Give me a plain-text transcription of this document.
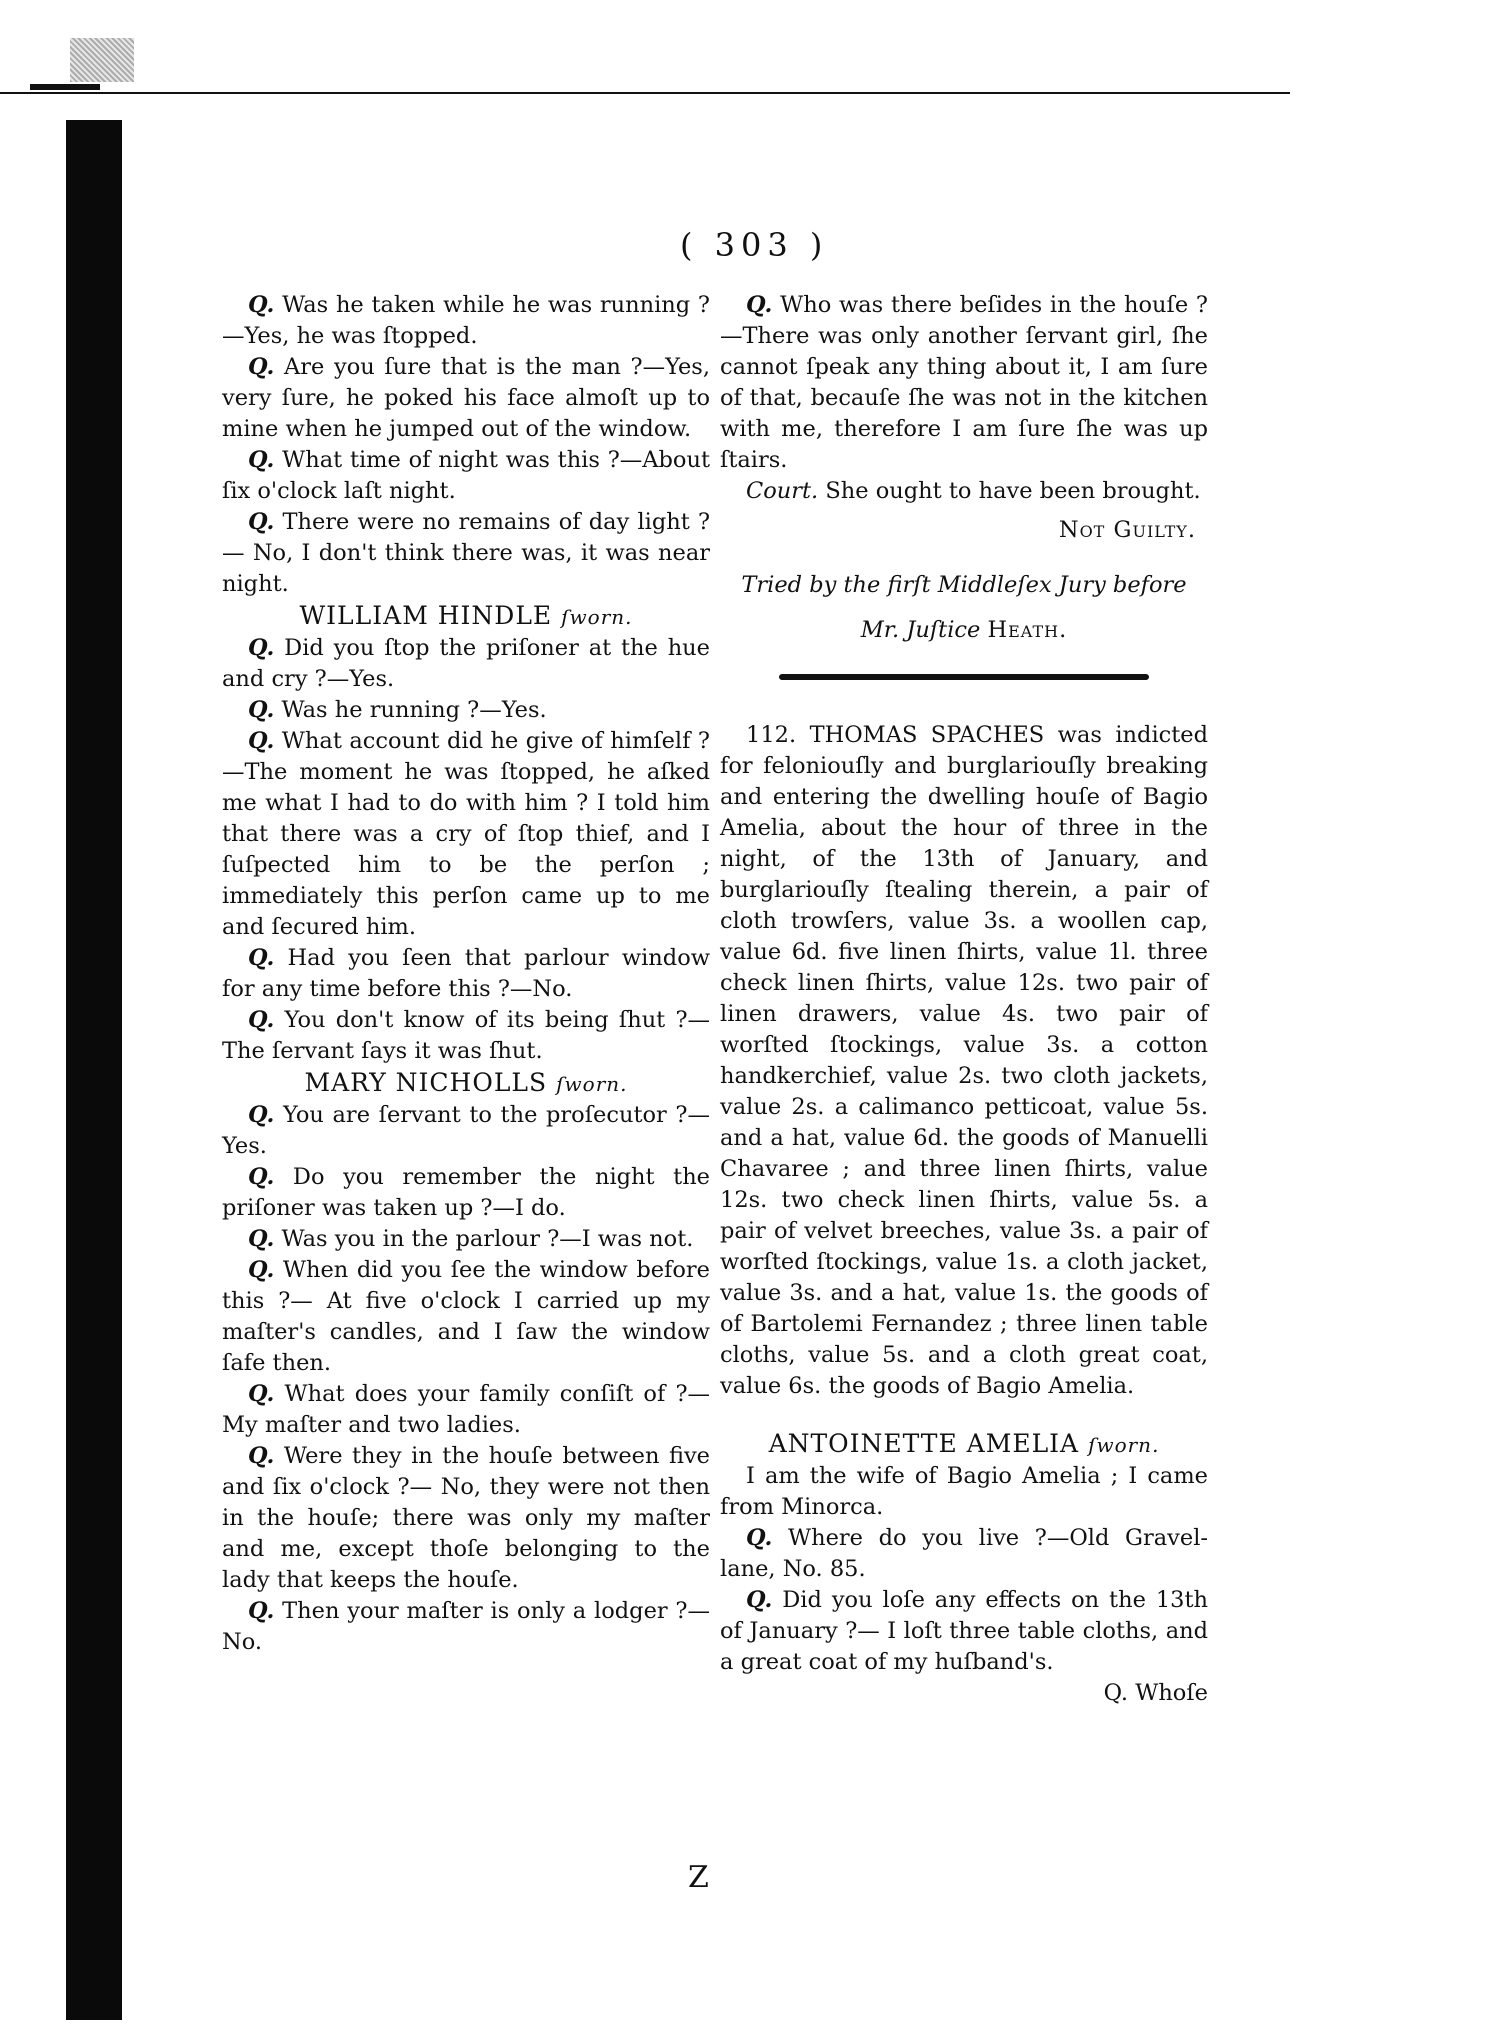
( 303 )

Q. Was he taken while he was running ?—Yes, he was ſtopped.

Q. Are you ſure that is the man ?—Yes, very ſure, he poked his face almoſt up to mine when he jumped out of the window.

Q. What time of night was this ?—About ſix o'clock laſt night.

Q. There were no remains of day light ?— No, I don't think there was, it was near night.

WILLIAM HINDLE ſworn.

Q. Did you ſtop the priſoner at the hue and cry ?—Yes.

Q. Was he running ?—Yes.

Q. What account did he give of himſelf ?—The moment he was ſtopped, he aſked me what I had to do with him ? I told him that there was a cry of ſtop thief, and I ſuſpected him to be the perſon ; immediately this perſon came up to me and ſecured him.

Q. Had you ſeen that parlour window for any time before this ?—No.

Q. You don't know of its being ſhut ?—The ſervant ſays it was ſhut.

MARY NICHOLLS ſworn.

Q. You are ſervant to the proſecutor ?—Yes.

Q. Do you remember the night the priſoner was taken up ?—I do.

Q. Was you in the parlour ?—I was not.

Q. When did you ſee the window before this ?— At five o'clock I carried up my maſter's candles, and I ſaw the window ſafe then.

Q. What does your family conſiſt of ?—My maſter and two ladies.

Q. Were they in the houſe between five and ſix o'clock ?— No, they were not then in the houſe; there was only my maſter and me, except thoſe belonging to the lady that keeps the houſe.

Q. Then your maſter is only a lodger ?—No.

Z

Q. Who was there beſides in the houſe ?—There was only another ſervant girl, ſhe cannot ſpeak any thing about it, I am ſure of that, becauſe ſhe was not in the kitchen with me, therefore I am ſure ſhe was up ſtairs.

Court. She ought to have been brought.

Not Guilty.

Tried by the firſt Middleſex Jury before

Mr. Juſtice Heath.

112. THOMAS SPACHES was indicted for feloniouſly and burglariouſly breaking and entering the dwelling houſe of Bagio Amelia, about the hour of three in the night, of the 13th of January, and burglariouſly ſtealing therein, a pair of cloth trowſers, value 3s. a woollen cap, value 6d. five linen ſhirts, value 1l. three check linen ſhirts, value 12s. two pair of linen drawers, value 4s. two pair of worſted ſtockings, value 3s. a cotton handkerchief, value 2s. two cloth jackets, value 2s. a calimanco petticoat, value 5s. and a hat, value 6d. the goods of Manuelli Chavaree ; and three linen ſhirts, value 12s. two check linen ſhirts, value 5s. a pair of velvet breeches, value 3s. a pair of worſted ſtockings, value 1s. a cloth jacket, value 3s. and a hat, value 1s. the goods of of Bartolemi Fernandez ; three linen table cloths, value 5s. and a cloth great coat, value 6s. the goods of Bagio Amelia.

ANTOINETTE AMELIA ſworn.

I am the wife of Bagio Amelia ; I came from Minorca.

Q. Where do you live ?—Old Gravel-lane, No. 85.

Q. Did you loſe any effects on the 13th of January ?— I loſt three table cloths, and a great coat of my huſband's.

Q. Whoſe
